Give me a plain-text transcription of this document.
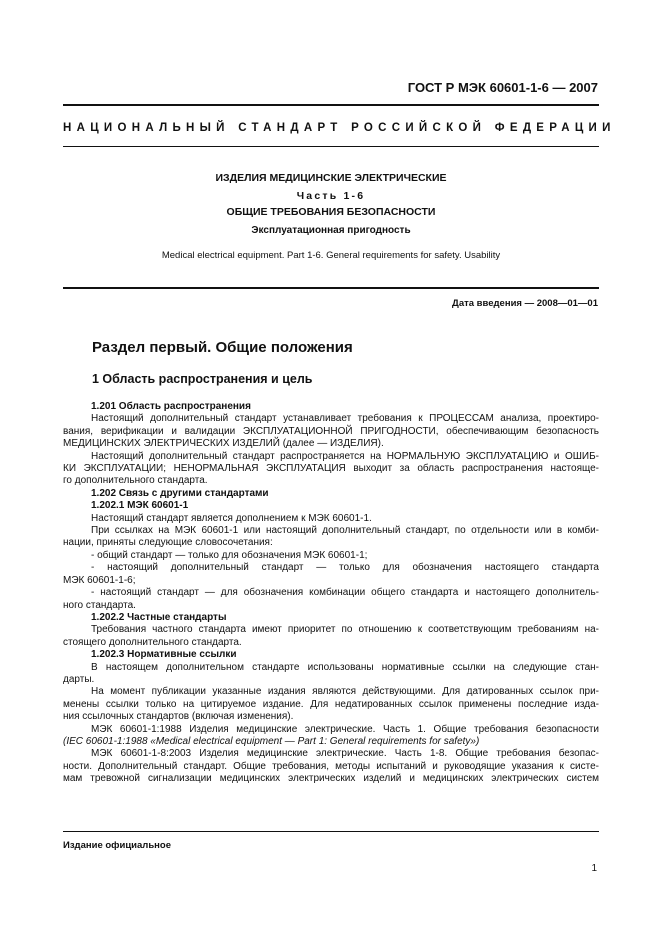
ГОСТ Р МЭК 60601-1-6 — 2007
НАЦИОНАЛЬНЫЙ СТАНДАРТ РОССИЙСКОЙ ФЕДЕРАЦИИ
ИЗДЕЛИЯ МЕДИЦИНСКИЕ ЭЛЕКТРИЧЕСКИЕ
Часть 1-6
ОБЩИЕ ТРЕБОВАНИЯ БЕЗОПАСНОСТИ
Эксплуатационная пригодность
Medical electrical equipment. Part 1-6. General requirements for safety. Usability
Дата введения — 2008—01—01
Раздел первый. Общие положения
1 Область распространения и цель
1.201 Область распространения
Настоящий дополнительный стандарт устанавливает требования к ПРОЦЕССАМ анализа, проектиро-
вания, верификации и валидации ЭКСПЛУАТАЦИОННОЙ ПРИГОДНОСТИ, обеспечивающим безопасность
МЕДИЦИНСКИХ ЭЛЕКТРИЧЕСКИХ ИЗДЕЛИЙ (далее — ИЗДЕЛИЯ).
Настоящий дополнительный стандарт распространяется на НОРМАЛЬНУЮ ЭКСПЛУАТАЦИЮ и ОШИБ-
КИ ЭКСПЛУАТАЦИИ; НЕНОРМАЛЬНАЯ ЭКСПЛУАТАЦИЯ выходит за область распространения настояще-
го дополнительного стандарта.
1.202 Связь с другими стандартами
1.202.1 МЭК 60601-1
Настоящий стандарт является дополнением к МЭК 60601-1.
При ссылках на МЭК 60601-1 или настоящий дополнительный стандарт, по отдельности или в комби-
нации, приняты следующие словосочетания:
- общий стандарт — только для обозначения МЭК 60601-1;
- настоящий дополнительный стандарт — только для обозначения настоящего стандарта
МЭК 60601-1-6;
- настоящий стандарт — для обозначения комбинации общего стандарта и настоящего дополнитель-
ного стандарта.
1.202.2 Частные стандарты
Требования частного стандарта имеют приоритет по отношению к соответствующим требованиям на-
стоящего дополнительного стандарта.
1.202.3 Нормативные ссылки
В настоящем дополнительном стандарте использованы нормативные ссылки на следующие стан-
дарты.
На момент публикации указанные издания являются действующими. Для датированных ссылок при-
менены ссылки только на цитируемое издание. Для недатированных ссылок применены последние изда-
ния ссылочных стандартов (включая изменения).
МЭК 60601-1:1988 Изделия медицинские электрические. Часть 1. Общие требования безопасности
(IEC 60601-1:1988 «Medical electrical equipment — Part 1: General requirements for safety»)
МЭК 60601-1-8:2003 Изделия медицинские электрические. Часть 1-8. Общие требования безопас-
ности. Дополнительный стандарт. Общие требования, методы испытаний и руководящие указания к систе-
мам тревожной сигнализации медицинских электрических изделий и медицинских электрических систем
Издание официальное
1
